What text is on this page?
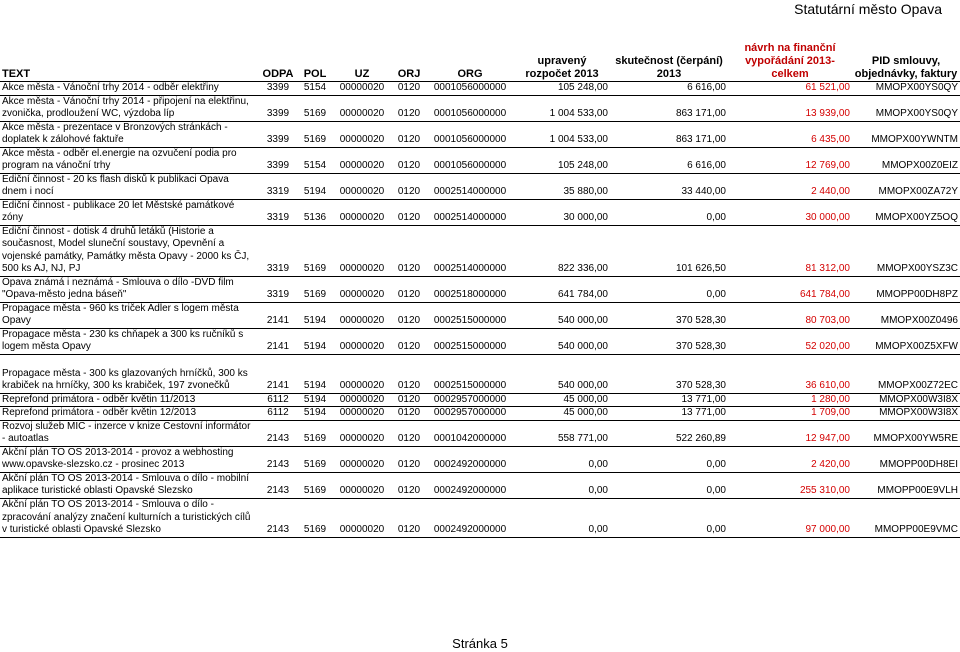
Statutární město Opava
TEXT	ODPA	POL	UZ	ORJ	ORG	upravený rozpočet 2013	skutečnost (čerpání) 2013	návrh na finanční vypořádání 2013-celkem	PID smlouvy, objednávky, faktury
Akce města - Vánoční trhy 2014 - odběr elektřiny	3399	5154	00000020	0120	0001056000000	105 248,00	6 616,00	61 521,00	MMOPX00YS0QY
Akce města - Vánoční trhy 2014 - připojení na elektřinu, zvonička, prodloužení WC, výzdoba líp	3399	5169	00000020	0120	0001056000000	1 004 533,00	863 171,00	13 939,00	MMOPX00YS0QY
Akce města - prezentace v Bronzových stránkách - doplatek k zálohové faktuře	3399	5169	00000020	0120	0001056000000	1 004 533,00	863 171,00	6 435,00	MMOPX00YWNTM
Akce města - odběr el.energie na ozvučení podia pro program na vánoční trhy	3399	5154	00000020	0120	0001056000000	105 248,00	6 616,00	12 769,00	MMOPX00Z0EIZ
Ediční činnost - 20 ks flash disků k publikaci Opava dnem i nocí	3319	5194	00000020	0120	0002514000000	35 880,00	33 440,00	2 440,00	MMOPX00ZA72Y
Ediční činnost - publikace 20 let Městské památkové zóny	3319	5136	00000020	0120	0002514000000	30 000,00	0,00	30 000,00	MMOPX00YZ5OQ
Ediční činnost - dotisk 4 druhů letáků (Historie a současnost, Model sluneční soustavy, Opevnění a vojenské památky, Památky města Opavy - 2000 ks ČJ, 500 ks AJ, NJ, PJ	3319	5169	00000020	0120	0002514000000	822 336,00	101 626,50	81 312,00	MMOPX00YSZ3C
Opava známá i neznámá - Smlouva o dílo -DVD film "Opava-město jedna báseň"	3319	5169	00000020	0120	0002518000000	641 784,00	0,00	641 784,00	MMOPP00DH8PZ
Propagace města - 960 ks triček Adler s logem města Opavy	2141	5194	00000020	0120	0002515000000	540 000,00	370 528,30	80 703,00	MMOPX00Z0496
Propagace města - 230 ks chňapek a 300 ks ručníků s logem města Opavy	2141	5194	00000020	0120	0002515000000	540 000,00	370 528,30	52 020,00	MMOPX00Z5XFW
Propagace města - 300 ks glazovaných hrníčků, 300 ks krabiček na hrníčky, 300 ks krabiček, 197 zvonečků	2141	5194	00000020	0120	0002515000000	540 000,00	370 528,30	36 610,00	MMOPX00Z72EC
Reprefond primátora - odběr květin 11/2013	6112	5194	00000020	0120	0002957000000	45 000,00	13 771,00	1 280,00	MMOPX00W3I8X
Reprefond primátora - odběr květin 12/2013	6112	5194	00000020	0120	0002957000000	45 000,00	13 771,00	1 709,00	MMOPX00W3I8X
Rozvoj služeb MIC - inzerce v knize Cestovní informátor - autoatlas	2143	5169	00000020	0120	0001042000000	558 771,00	522 260,89	12 947,00	MMOPX00YW5RE
Akční plán TO OS 2013-2014 - provoz a webhosting www.opavske-slezsko.cz - prosinec 2013	2143	5169	00000020	0120	0002492000000	0,00	0,00	2 420,00	MMOPP00DH8EI
Akční plán TO OS 2013-2014 - Smlouva o dílo - mobilní aplikace turistické oblasti Opavské Slezsko	2143	5169	00000020	0120	0002492000000	0,00	0,00	255 310,00	MMOPP00E9VLH
Akční plán TO OS 2013-2014 - Smlouva o dílo - zpracování analýzy značení kulturních a turistických cílů v turistické oblasti Opavské Slezsko	2143	5169	00000020	0120	0002492000000	0,00	0,00	97 000,00	MMOPP00E9VMC
Stránka 5
